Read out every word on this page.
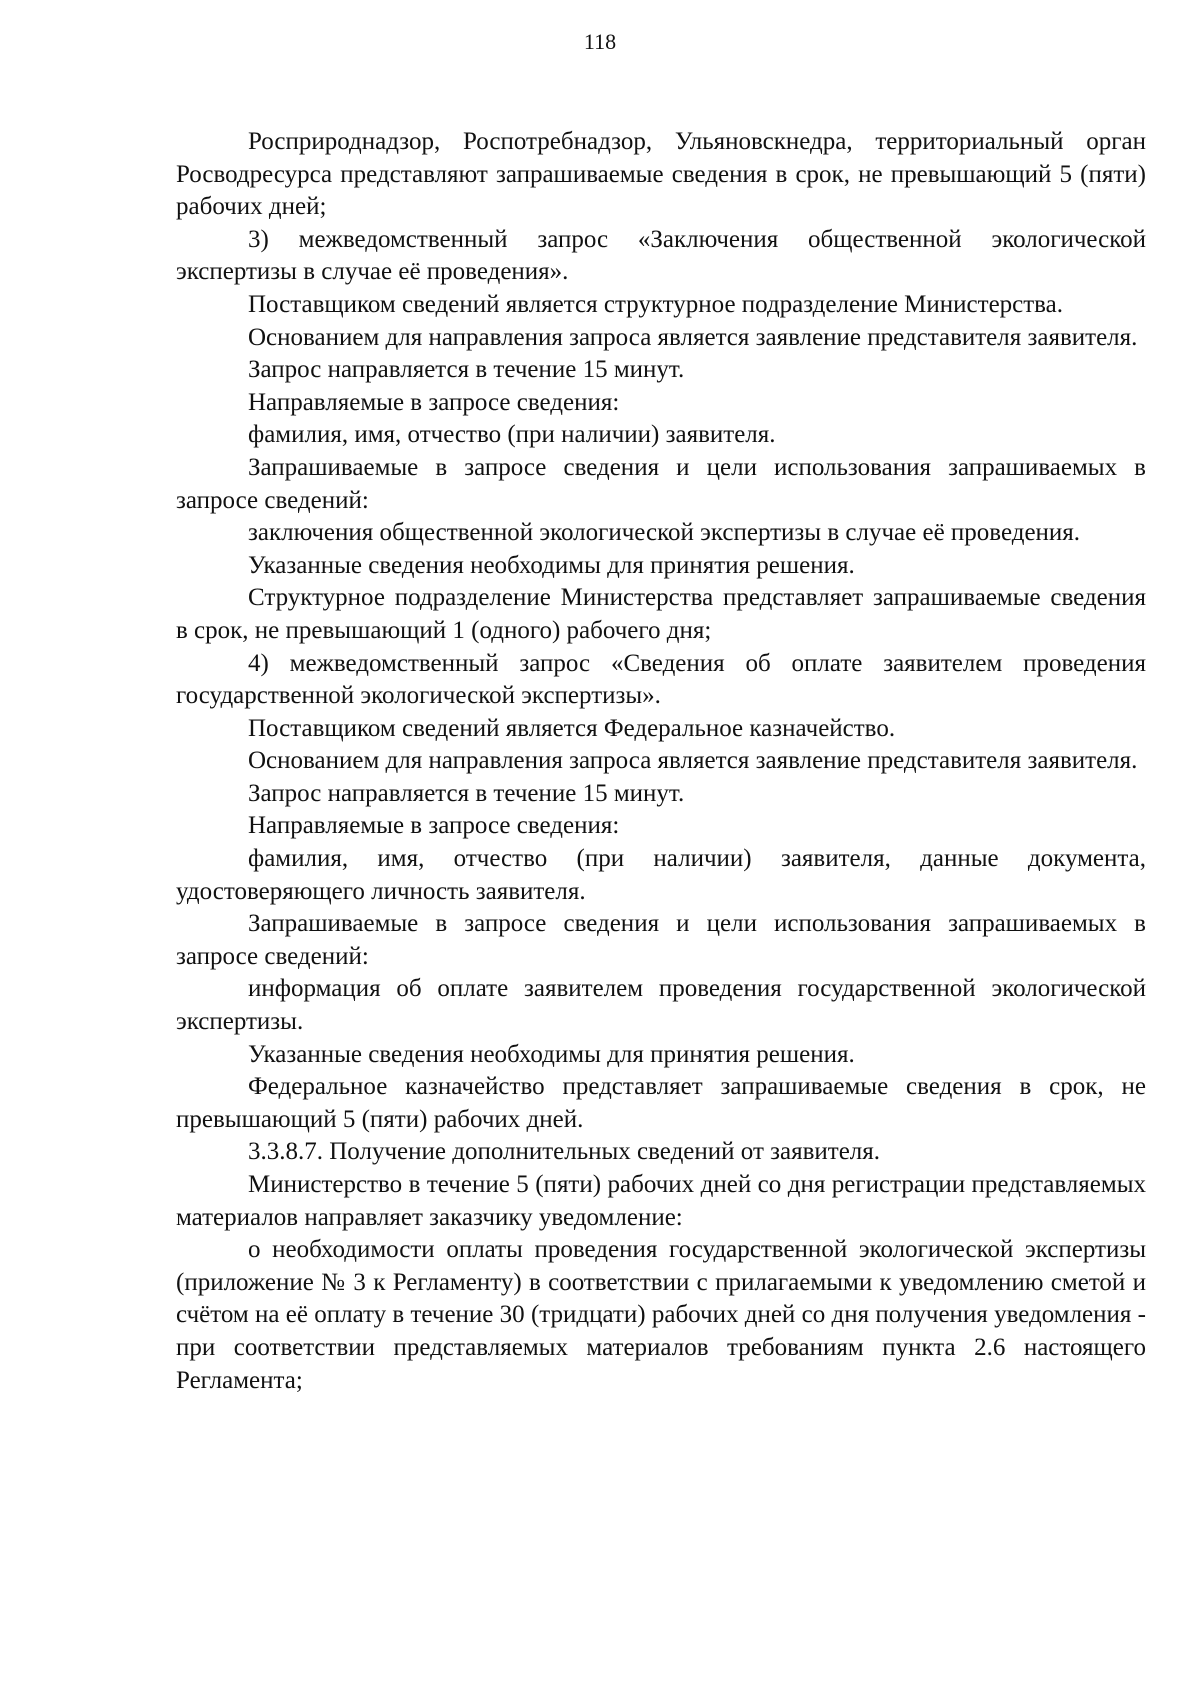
118

Росприроднадзор, Роспотребнадзор, Ульяновскнедра, территориальный орган Росводресурса представляют запрашиваемые сведения в срок, не превышающий 5 (пяти) рабочих дней;

3) межведомственный запрос «Заключения общественной экологической экспертизы в случае её проведения».

Поставщиком сведений является структурное подразделение Министерства.

Основанием для направления запроса является заявление представителя заявителя.

Запрос направляется в течение 15 минут.

Направляемые в запросе сведения:

фамилия, имя, отчество (при наличии) заявителя.

Запрашиваемые в запросе сведения и цели использования запрашиваемых в запросе сведений:

заключения общественной экологической экспертизы в случае её проведения.

Указанные сведения необходимы для принятия решения.

Структурное подразделение Министерства представляет запрашиваемые сведения в срок, не превышающий 1 (одного) рабочего дня;

4) межведомственный запрос «Сведения об оплате заявителем проведения государственной экологической экспертизы».

Поставщиком сведений является Федеральное казначейство.

Основанием для направления запроса является заявление представителя заявителя.

Запрос направляется в течение 15 минут.

Направляемые в запросе сведения:

фамилия, имя, отчество (при наличии) заявителя, данные документа, удостоверяющего личность заявителя.

Запрашиваемые в запросе сведения и цели использования запрашиваемых в запросе сведений:

информация об оплате заявителем проведения государственной экологической экспертизы.

Указанные сведения необходимы для принятия решения.

Федеральное казначейство представляет запрашиваемые сведения в срок, не превышающий 5 (пяти) рабочих дней.

3.3.8.7. Получение дополнительных сведений от заявителя.

Министерство в течение 5 (пяти) рабочих дней со дня регистрации представляемых материалов направляет заказчику уведомление:

о необходимости оплаты проведения государственной экологической экспертизы (приложение № 3 к Регламенту) в соответствии с прилагаемыми к уведомлению сметой и счётом на её оплату в течение 30 (тридцати) рабочих дней со дня получения уведомления - при соответствии представляемых материалов требованиям пункта 2.6 настоящего Регламента;
